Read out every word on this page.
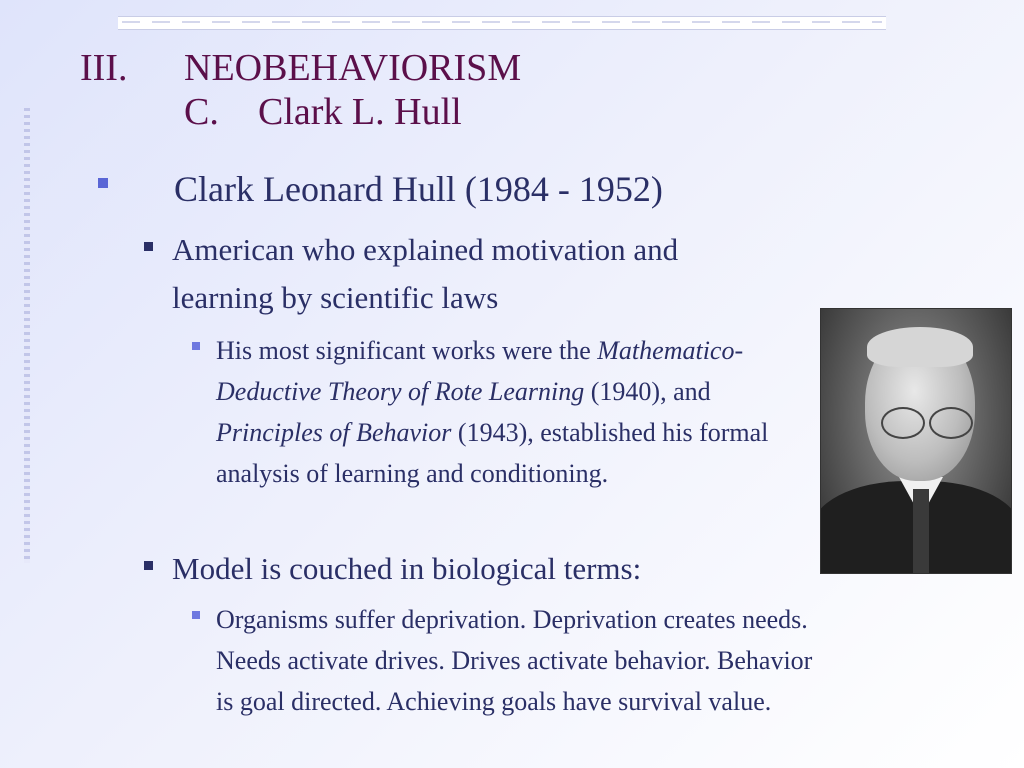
III.	NEOBEHAVIORISM
C.	Clark L. Hull
Clark Leonard Hull (1984 - 1952)
American who explained motivation and learning by scientific laws
His most significant works were the Mathematico-Deductive Theory of Rote Learning (1940), and Principles of Behavior (1943), established his formal analysis of learning and conditioning.
Model is couched in biological terms:
Organisms suffer deprivation. Deprivation creates needs. Needs activate drives. Drives activate behavior. Behavior is goal directed. Achieving goals have survival value.
